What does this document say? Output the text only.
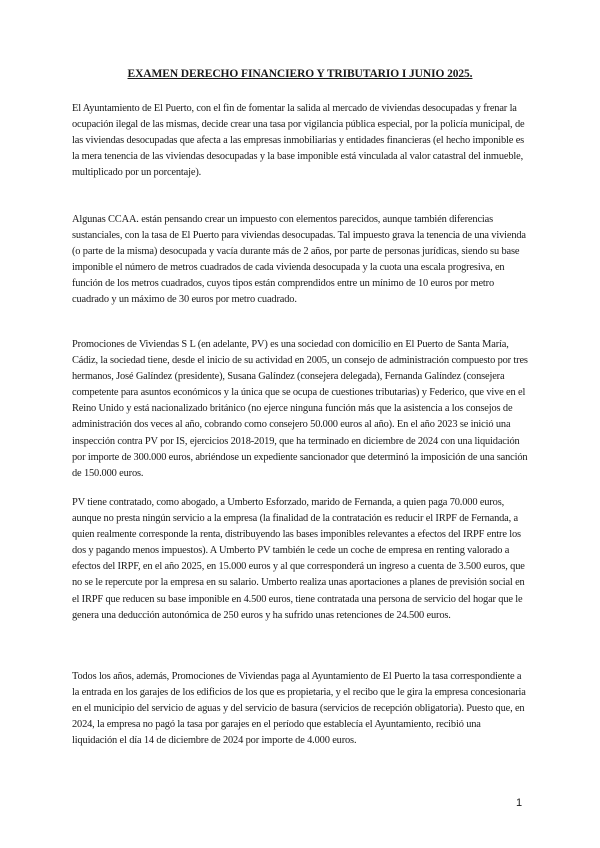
EXAMEN DERECHO FINANCIERO Y TRIBUTARIO I JUNIO 2025.

El Ayuntamiento de El Puerto, con el fin de fomentar la salida al mercado de viviendas desocupadas y frenar la ocupación ilegal de las mismas, decide crear una tasa por vigilancia pública especial, por la policía municipal, de las viviendas desocupadas que afecta a las empresas inmobiliarias y entidades financieras (el hecho imponible es la mera tenencia de las viviendas desocupadas y la base imponible está vinculada al valor catastral del inmueble, multiplicado por un porcentaje).

Algunas CCAA. están pensando crear un impuesto con elementos parecidos, aunque también diferencias sustanciales, con la tasa de El Puerto para viviendas desocupadas. Tal impuesto grava la tenencia de una vivienda (o parte de la misma) desocupada y vacía durante más de 2 años, por parte de personas jurídicas, siendo su base imponible el número de metros cuadrados de cada vivienda desocupada y la cuota una escala progresiva, en función de los metros cuadrados, cuyos tipos están comprendidos entre un mínimo de 10 euros por metro cuadrado y un máximo de 30 euros por metro cuadrado.

Promociones de Viviendas S L (en adelante, PV) es una sociedad con domicilio en El Puerto de Santa María, Cádiz, la sociedad tiene, desde el inicio de su actividad en 2005, un consejo de administración compuesto por tres hermanos, José Galíndez (presidente), Susana Galíndez (consejera delegada), Fernanda Galíndez (consejera competente para asuntos económicos y la única que se ocupa de cuestiones tributarias) y Federico, que vive en el Reino Unido y está nacionalizado británico (no ejerce ninguna función más que la asistencia a los consejos de administración dos veces al año, cobrando como consejero 50.000 euros al año). En el año 2023 se inició una inspección contra PV por IS, ejercicios 2018-2019, que ha terminado en diciembre de 2024 con una liquidación por importe de 300.000 euros, abriéndose un expediente sancionador que determinó la imposición de una sanción de 150.000 euros.

PV tiene contratado, como abogado, a Umberto Esforzado, marido de Fernanda, a quien paga 70.000 euros, aunque no presta ningún servicio a la empresa (la finalidad de la contratación es reducir el IRPF de Fernanda, a quien realmente corresponde la renta, distribuyendo las bases imponibles relevantes a efectos del IRPF entre los dos y pagando menos impuestos). A Umberto PV también le cede un coche de empresa en renting valorado a efectos del IRPF, en el año 2025, en 15.000 euros y al que corresponderá un ingreso a cuenta de 3.500 euros, que no se le repercute por la empresa en su salario. Umberto realiza unas aportaciones a planes de previsión social en el IRPF que reducen su base imponible en 4.500 euros, tiene contratada una persona de servicio del hogar que le genera una deducción autonómica de 250 euros y ha sufrido unas retenciones de 24.500 euros.

Todos los años, además, Promociones de Viviendas paga al Ayuntamiento de El Puerto la tasa correspondiente a la entrada en los garajes de los edificios de los que es propietaria, y el recibo que le gira la empresa concesionaria en el municipio del servicio de aguas y del servicio de basura (servicios de recepción obligatoria). Puesto que, en 2024, la empresa no pagó la tasa por garajes en el período que establecía el Ayuntamiento, recibió una liquidación el día 14 de diciembre de 2024 por importe de 4.000 euros.

1
